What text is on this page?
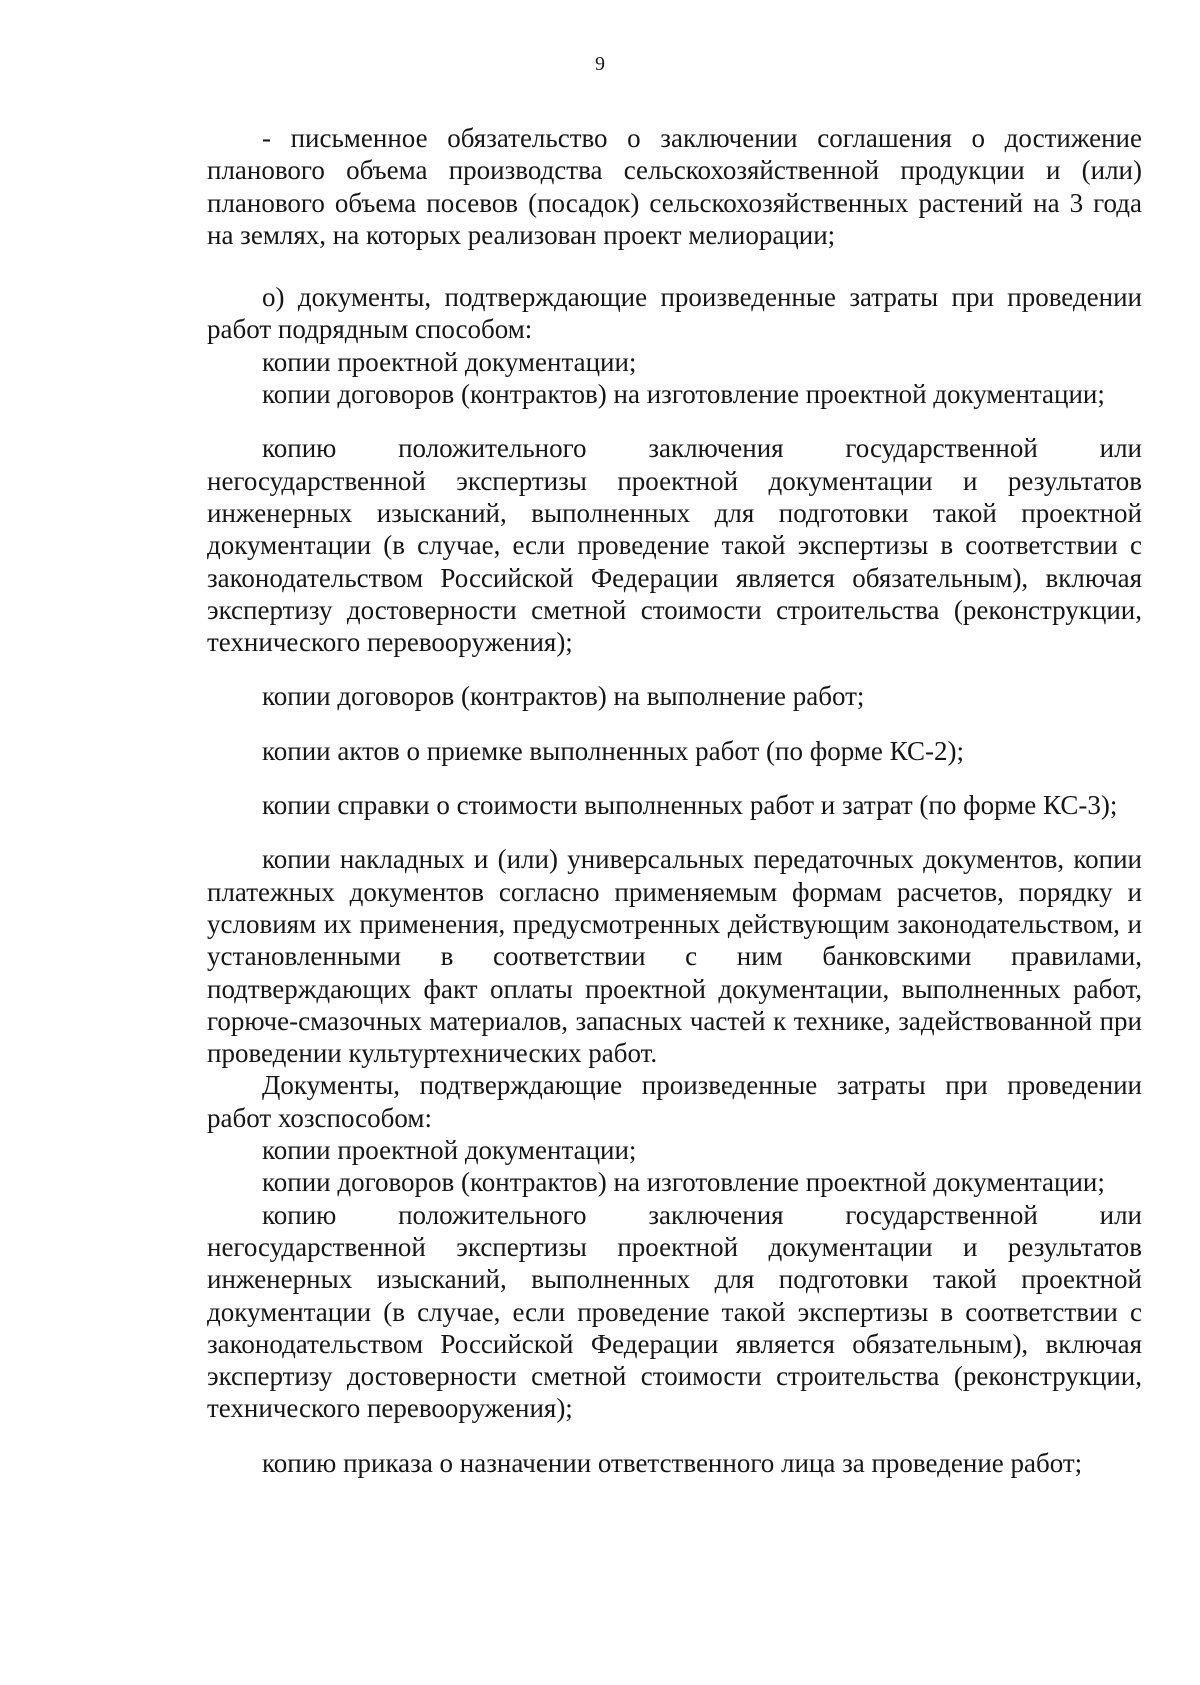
9

- письменное обязательство о заключении соглашения о достижение планового объема производства сельскохозяйственной продукции и (или) планового объема посевов (посадок) сельскохозяйственных растений на 3 года на землях, на которых реализован проект мелиорации;

о) документы, подтверждающие произведенные затраты при проведении работ подрядным способом:

копии проектной документации;

копии договоров (контрактов) на изготовление проектной документации;

копию положительного заключения государственной или негосударственной экспертизы проектной документации и результатов инженерных изысканий, выполненных для подготовки такой проектной документации (в случае, если проведение такой экспертизы в соответствии с законодательством Российской Федерации является обязательным), включая экспертизу достоверности сметной стоимости строительства (реконструкции, технического перевооружения);

копии договоров (контрактов) на выполнение работ;

копии актов о приемке выполненных работ (по форме КС-2);

копии справки о стоимости выполненных работ и затрат (по форме КС-3);

копии накладных и (или) универсальных передаточных документов, копии платежных документов согласно применяемым формам расчетов, порядку и условиям их применения, предусмотренных действующим законодательством, и установленными в соответствии с ним банковскими правилами, подтверждающих факт оплаты проектной документации, выполненных работ, горюче-смазочных материалов, запасных частей к технике, задействованной при проведении культуртехнических работ.

Документы, подтверждающие произведенные затраты при проведении работ хозспособом:

копии проектной документации;

копии договоров (контрактов) на изготовление проектной документации;

копию положительного заключения государственной или негосударственной экспертизы проектной документации и результатов инженерных изысканий, выполненных для подготовки такой проектной документации (в случае, если проведение такой экспертизы в соответствии с законодательством Российской Федерации является обязательным), включая экспертизу достоверности сметной стоимости строительства (реконструкции, технического перевооружения);

копию приказа о назначении ответственного лица за проведение работ;
